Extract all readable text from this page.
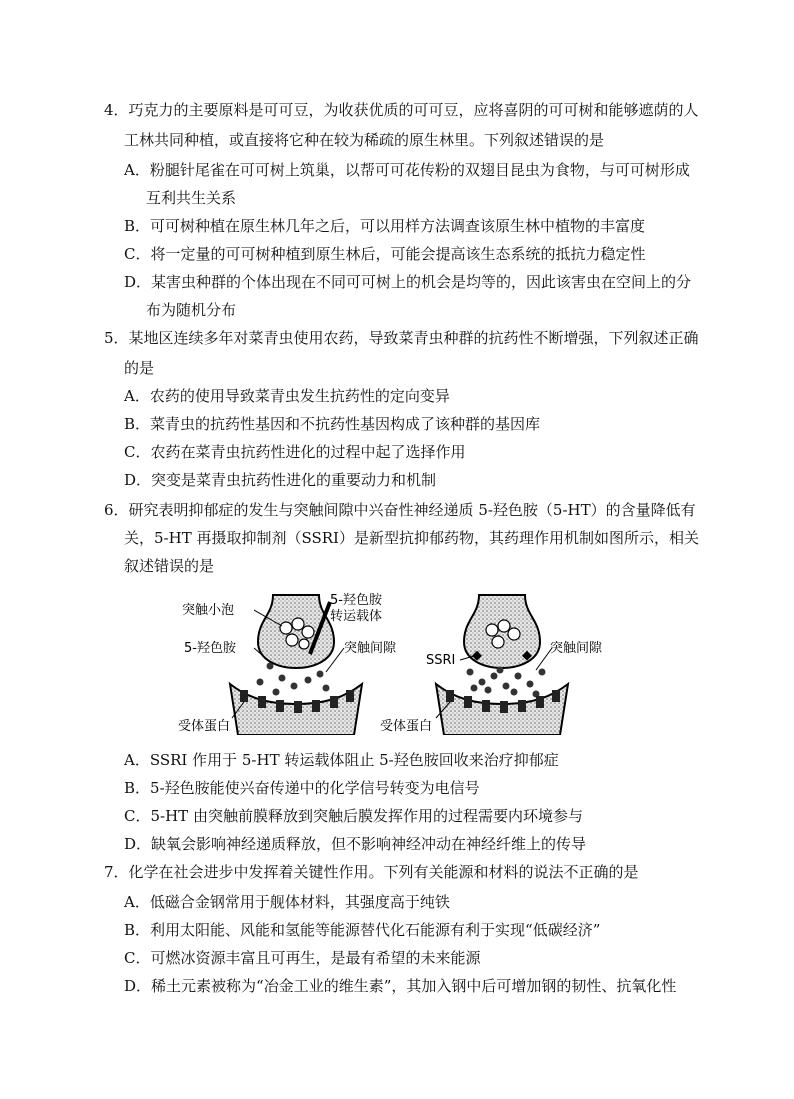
4．巧克力的主要原料是可可豆，为收获优质的可可豆，应将喜阴的可可树和能够遮荫的人
工林共同种植，或直接将它种在较为稀疏的原生林里。下列叙述错误的是
A．粉腿针尾雀在可可树上筑巢，以帮可可花传粉的双翅目昆虫为食物，与可可树形成
互利共生关系
B．可可树种植在原生林几年之后，可以用样方法调查该原生林中植物的丰富度
C．将一定量的可可树种植到原生林后，可能会提高该生态系统的抵抗力稳定性
D．某害虫种群的个体出现在不同可可树上的机会是均等的，因此该害虫在空间上的分
布为随机分布
5．某地区连续多年对菜青虫使用农药，导致菜青虫种群的抗药性不断增强，下列叙述正确
的是
A．农药的使用导致菜青虫发生抗药性的定向变异
B．菜青虫的抗药性基因和不抗药性基因构成了该种群的基因库
C．农药在菜青虫抗药性进化的过程中起了选择作用
D．突变是菜青虫抗药性进化的重要动力和机制
6．研究表明抑郁症的发生与突触间隙中兴奋性神经递质 5-羟色胺（5-HT）的含量降低有
关，5-HT 再摄取抑制剂（SSRI）是新型抗抑郁药物，其药理作用机制如图所示，相关
叙述错误的是
突触小泡
5-羟色胺
转运载体
5-羟色胺	突触间隙
受体蛋白
SSRI
突触间隙
受体蛋白
A．SSRI 作用于 5-HT 转运载体阻止 5-羟色胺回收来治疗抑郁症
B．5-羟色胺能使兴奋传递中的化学信号转变为电信号
C．5-HT 由突触前膜释放到突触后膜发挥作用的过程需要内环境参与
D．缺氧会影响神经递质释放，但不影响神经冲动在神经纤维上的传导
7．化学在社会进步中发挥着关键性作用。下列有关能源和材料的说法不正确的是
A．低磁合金钢常用于舰体材料，其强度高于纯铁
B．利用太阳能、风能和氢能等能源替代化石能源有利于实现“低碳经济”
C．可燃冰资源丰富且可再生，是最有希望的未来能源
D．稀土元素被称为“冶金工业的维生素”，其加入钢中后可增加钢的韧性、抗氧化性
